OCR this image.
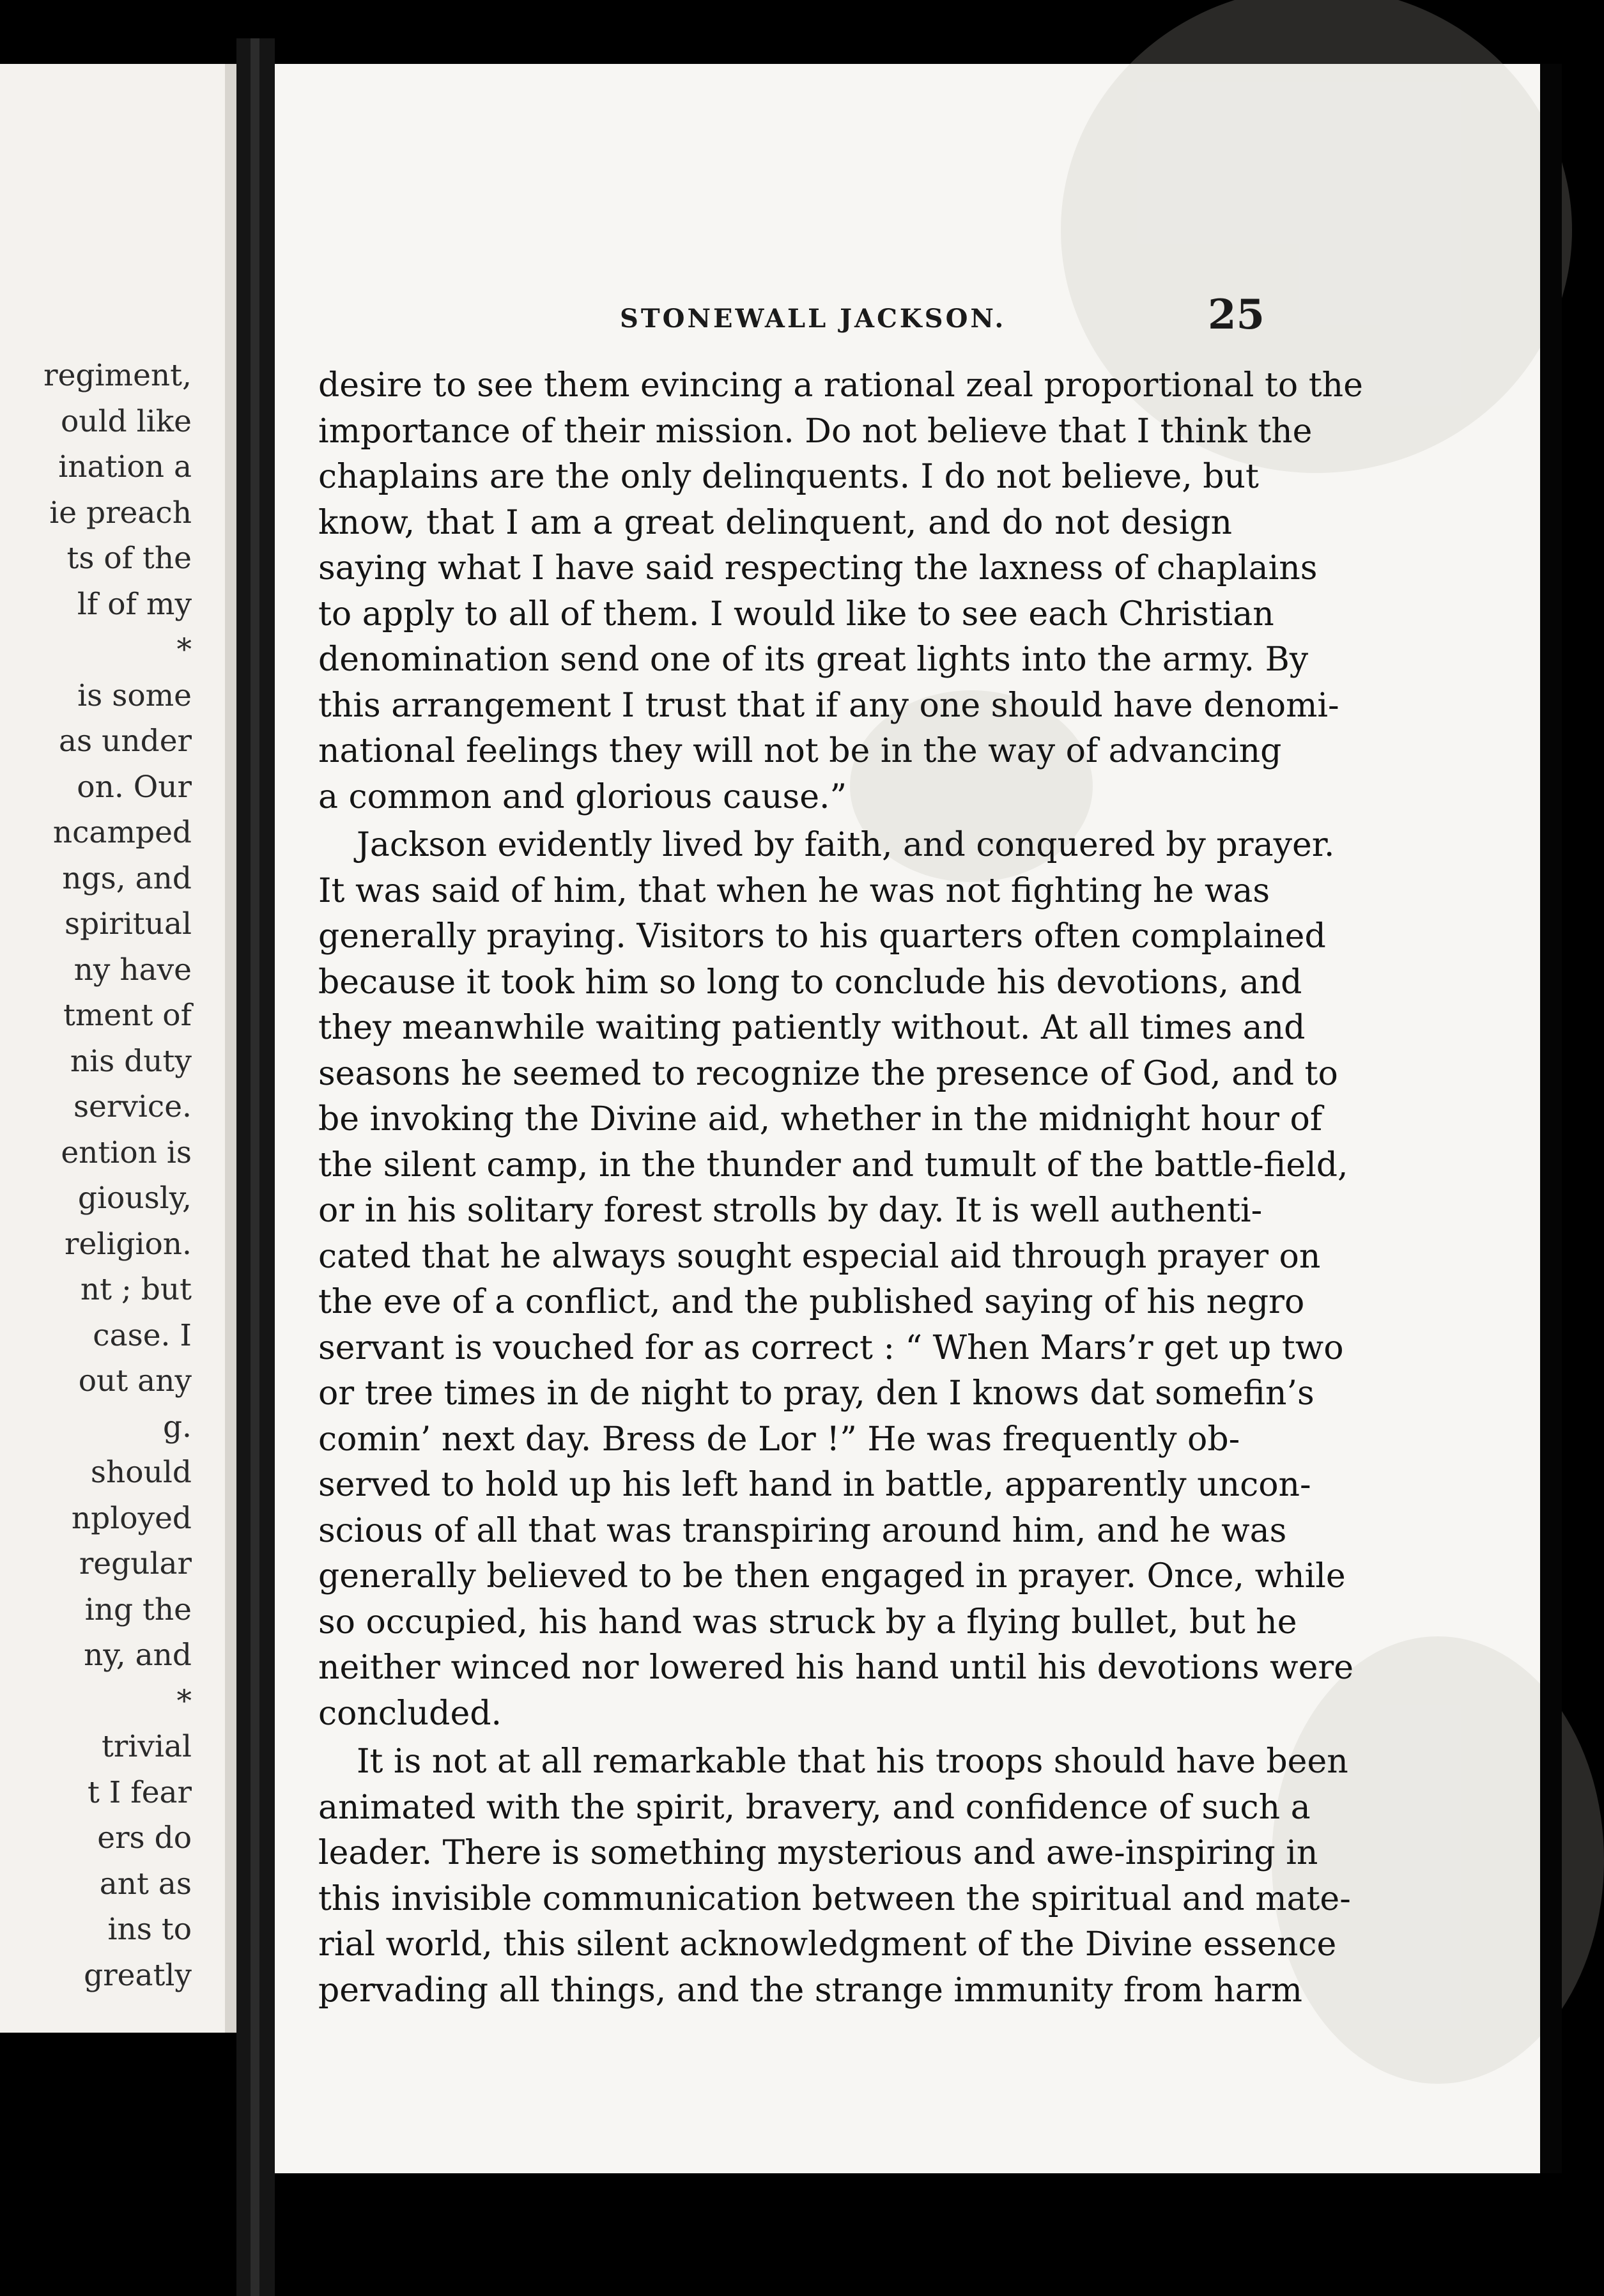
regiment,
ould like
ination a
ie preach
ts of the
lf of my
*
is some
as under
on. Our
ncamped
ngs, and
spiritual
ny have
tment of
nis duty
service.
ention is
giously,
religion.
nt ; but
case. I
out any
g.
should
nployed
regular
ing the
ny, and
*
trivial
t I fear
ers do
ant as
ins to
greatly
STONEWALL JACKSON.	25
desire to see them evincing a rational zeal proportional to the
importance of their mission. Do not believe that I think the
chaplains are the only delinquents. I do not believe, but
know, that I am a great delinquent, and do not design
saying what I have said respecting the laxness of chaplains
to apply to all of them. I would like to see each Christian
denomination send one of its great lights into the army. By
this arrangement I trust that if any one should have denomi-
national feelings they will not be in the way of advancing
a common and glorious cause.”
Jackson evidently lived by faith, and conquered by prayer.
It was said of him, that when he was not fighting he was
generally praying. Visitors to his quarters often complained
because it took him so long to conclude his devotions, and
they meanwhile waiting patiently without. At all times and
seasons he seemed to recognize the presence of God, and to
be invoking the Divine aid, whether in the midnight hour of
the silent camp, in the thunder and tumult of the battle-field,
or in his solitary forest strolls by day. It is well authenti-
cated that he always sought especial aid through prayer on
the eve of a conflict, and the published saying of his negro
servant is vouched for as correct : “ When Mars’r get up two
or tree times in de night to pray, den I knows dat somefin’s
comin’ next day. Bress de Lor !” He was frequently ob-
served to hold up his left hand in battle, apparently uncon-
scious of all that was transpiring around him, and he was
generally believed to be then engaged in prayer. Once, while
so occupied, his hand was struck by a flying bullet, but he
neither winced nor lowered his hand until his devotions were
concluded.
It is not at all remarkable that his troops should have been
animated with the spirit, bravery, and confidence of such a
leader. There is something mysterious and awe-inspiring in
this invisible communication between the spiritual and mate-
rial world, this silent acknowledgment of the Divine essence
pervading all things, and the strange immunity from harm
